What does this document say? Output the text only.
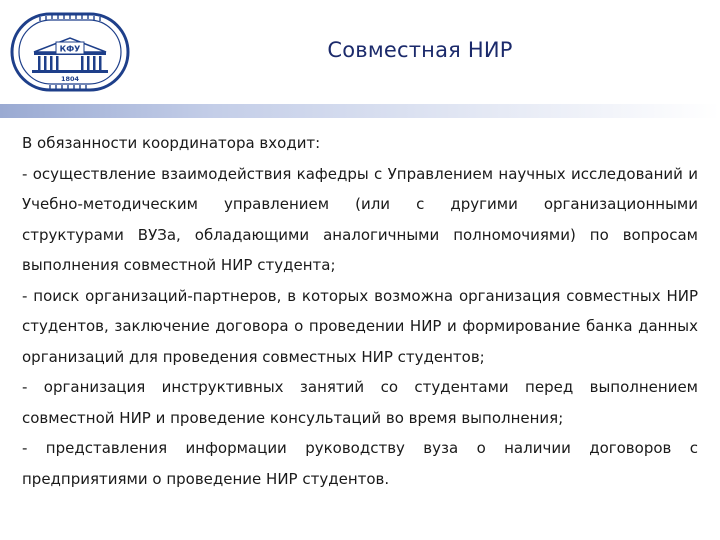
КФУ
1804
Совместная НИР

В обязанности координатора входит:

- осуществление взаимодействия кафедры с Управлением научных исследований и Учебно-методическим управлением (или с другими организационными структурами ВУЗа, обладающими аналогичными полномочиями) по вопросам выполнения совместной НИР студента;

- поиск организаций-партнеров, в которых возможна организация совместных НИР студентов, заключение договора о проведении НИР и формирование банка данных организаций для проведения совместных НИР студентов;

- организация инструктивных занятий со студентами перед выполнением совместной НИР и проведение консультаций во время выполнения;

- представления информации руководству вуза о наличии договоров с предприятиями о проведение НИР студентов.
